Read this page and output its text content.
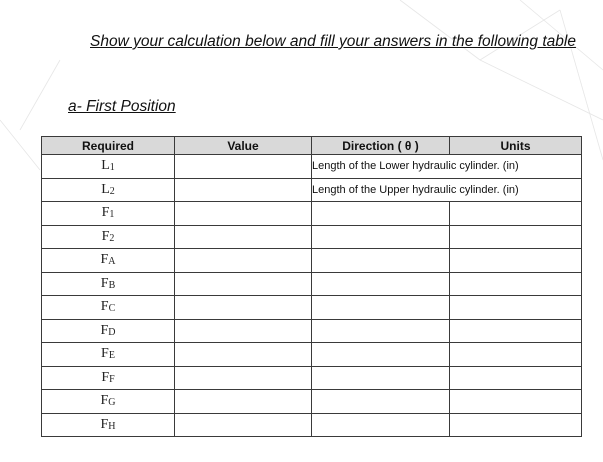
Show your calculation below and fill your answers in the following table
a- First Position
Required	Value	Direction ( θ )	Units
$L_1$		Length of the Lower hydraulic cylinder. (in)	
$L_2$		Length of the Upper hydraulic cylinder. (in)	
$F_1$			
$F_2$			
$F_A$			
$F_B$			
$F_C$			
$F_D$			
$F_E$			
$F_F$			
$F_G$			
$F_H$			
